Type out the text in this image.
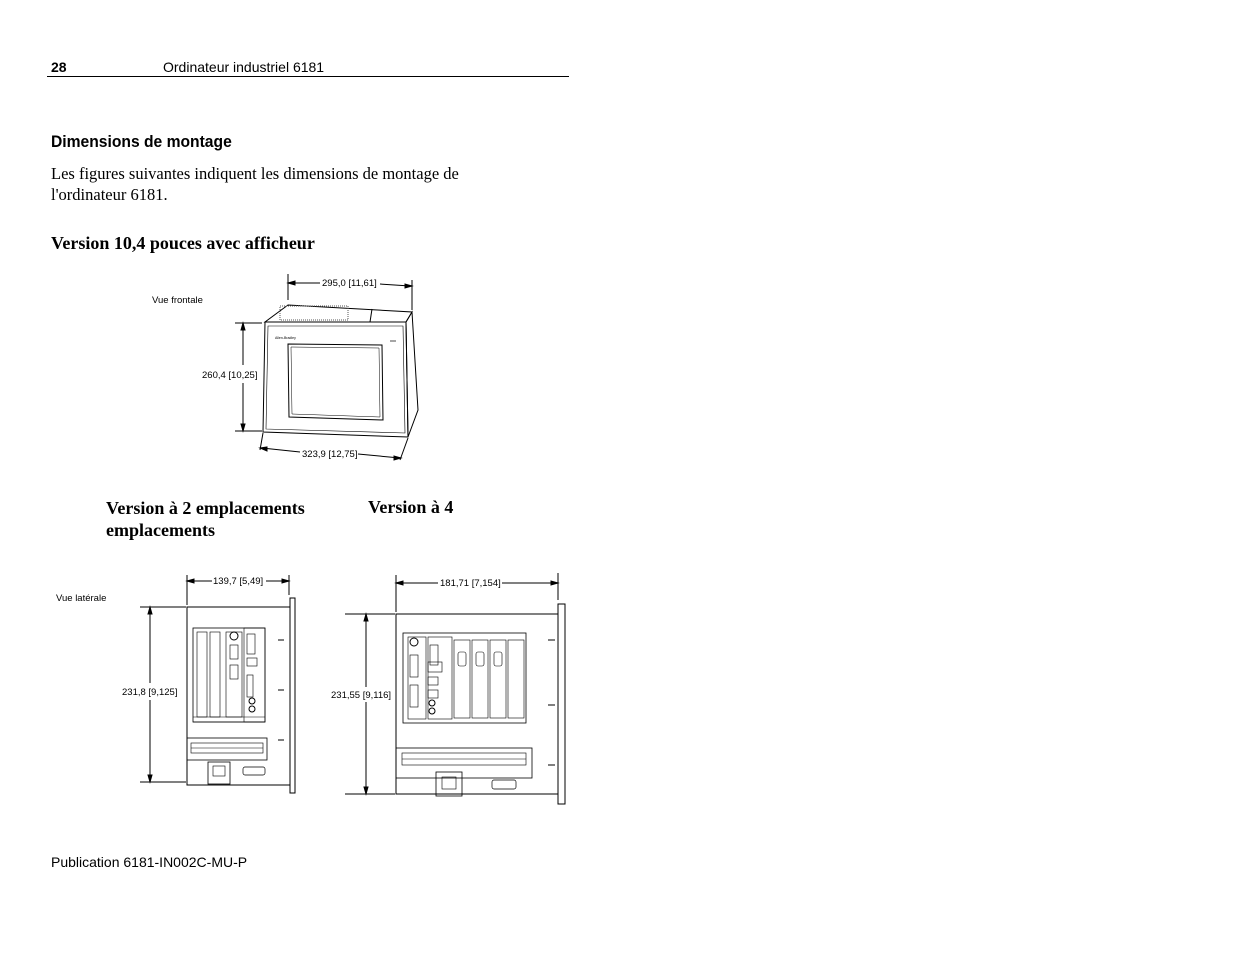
28	Ordinateur industriel 6181
Dimensions de montage
Les figures suivantes indiquent les dimensions de montage de l'ordinateur 6181.
Version 10,4 pouces avec afficheur
Version à 2 emplacements
emplacements
Version à 4
Vue frontale
295,0 [11,61]
Allen-Bradley
260,4 [10,25]
323,9 [12,75]
Vue latérale
139,7 [5,49]
231,8 [9,125]
181,71 [7,154]
231,55 [9,116]
Publication 6181-IN002C-MU-P
